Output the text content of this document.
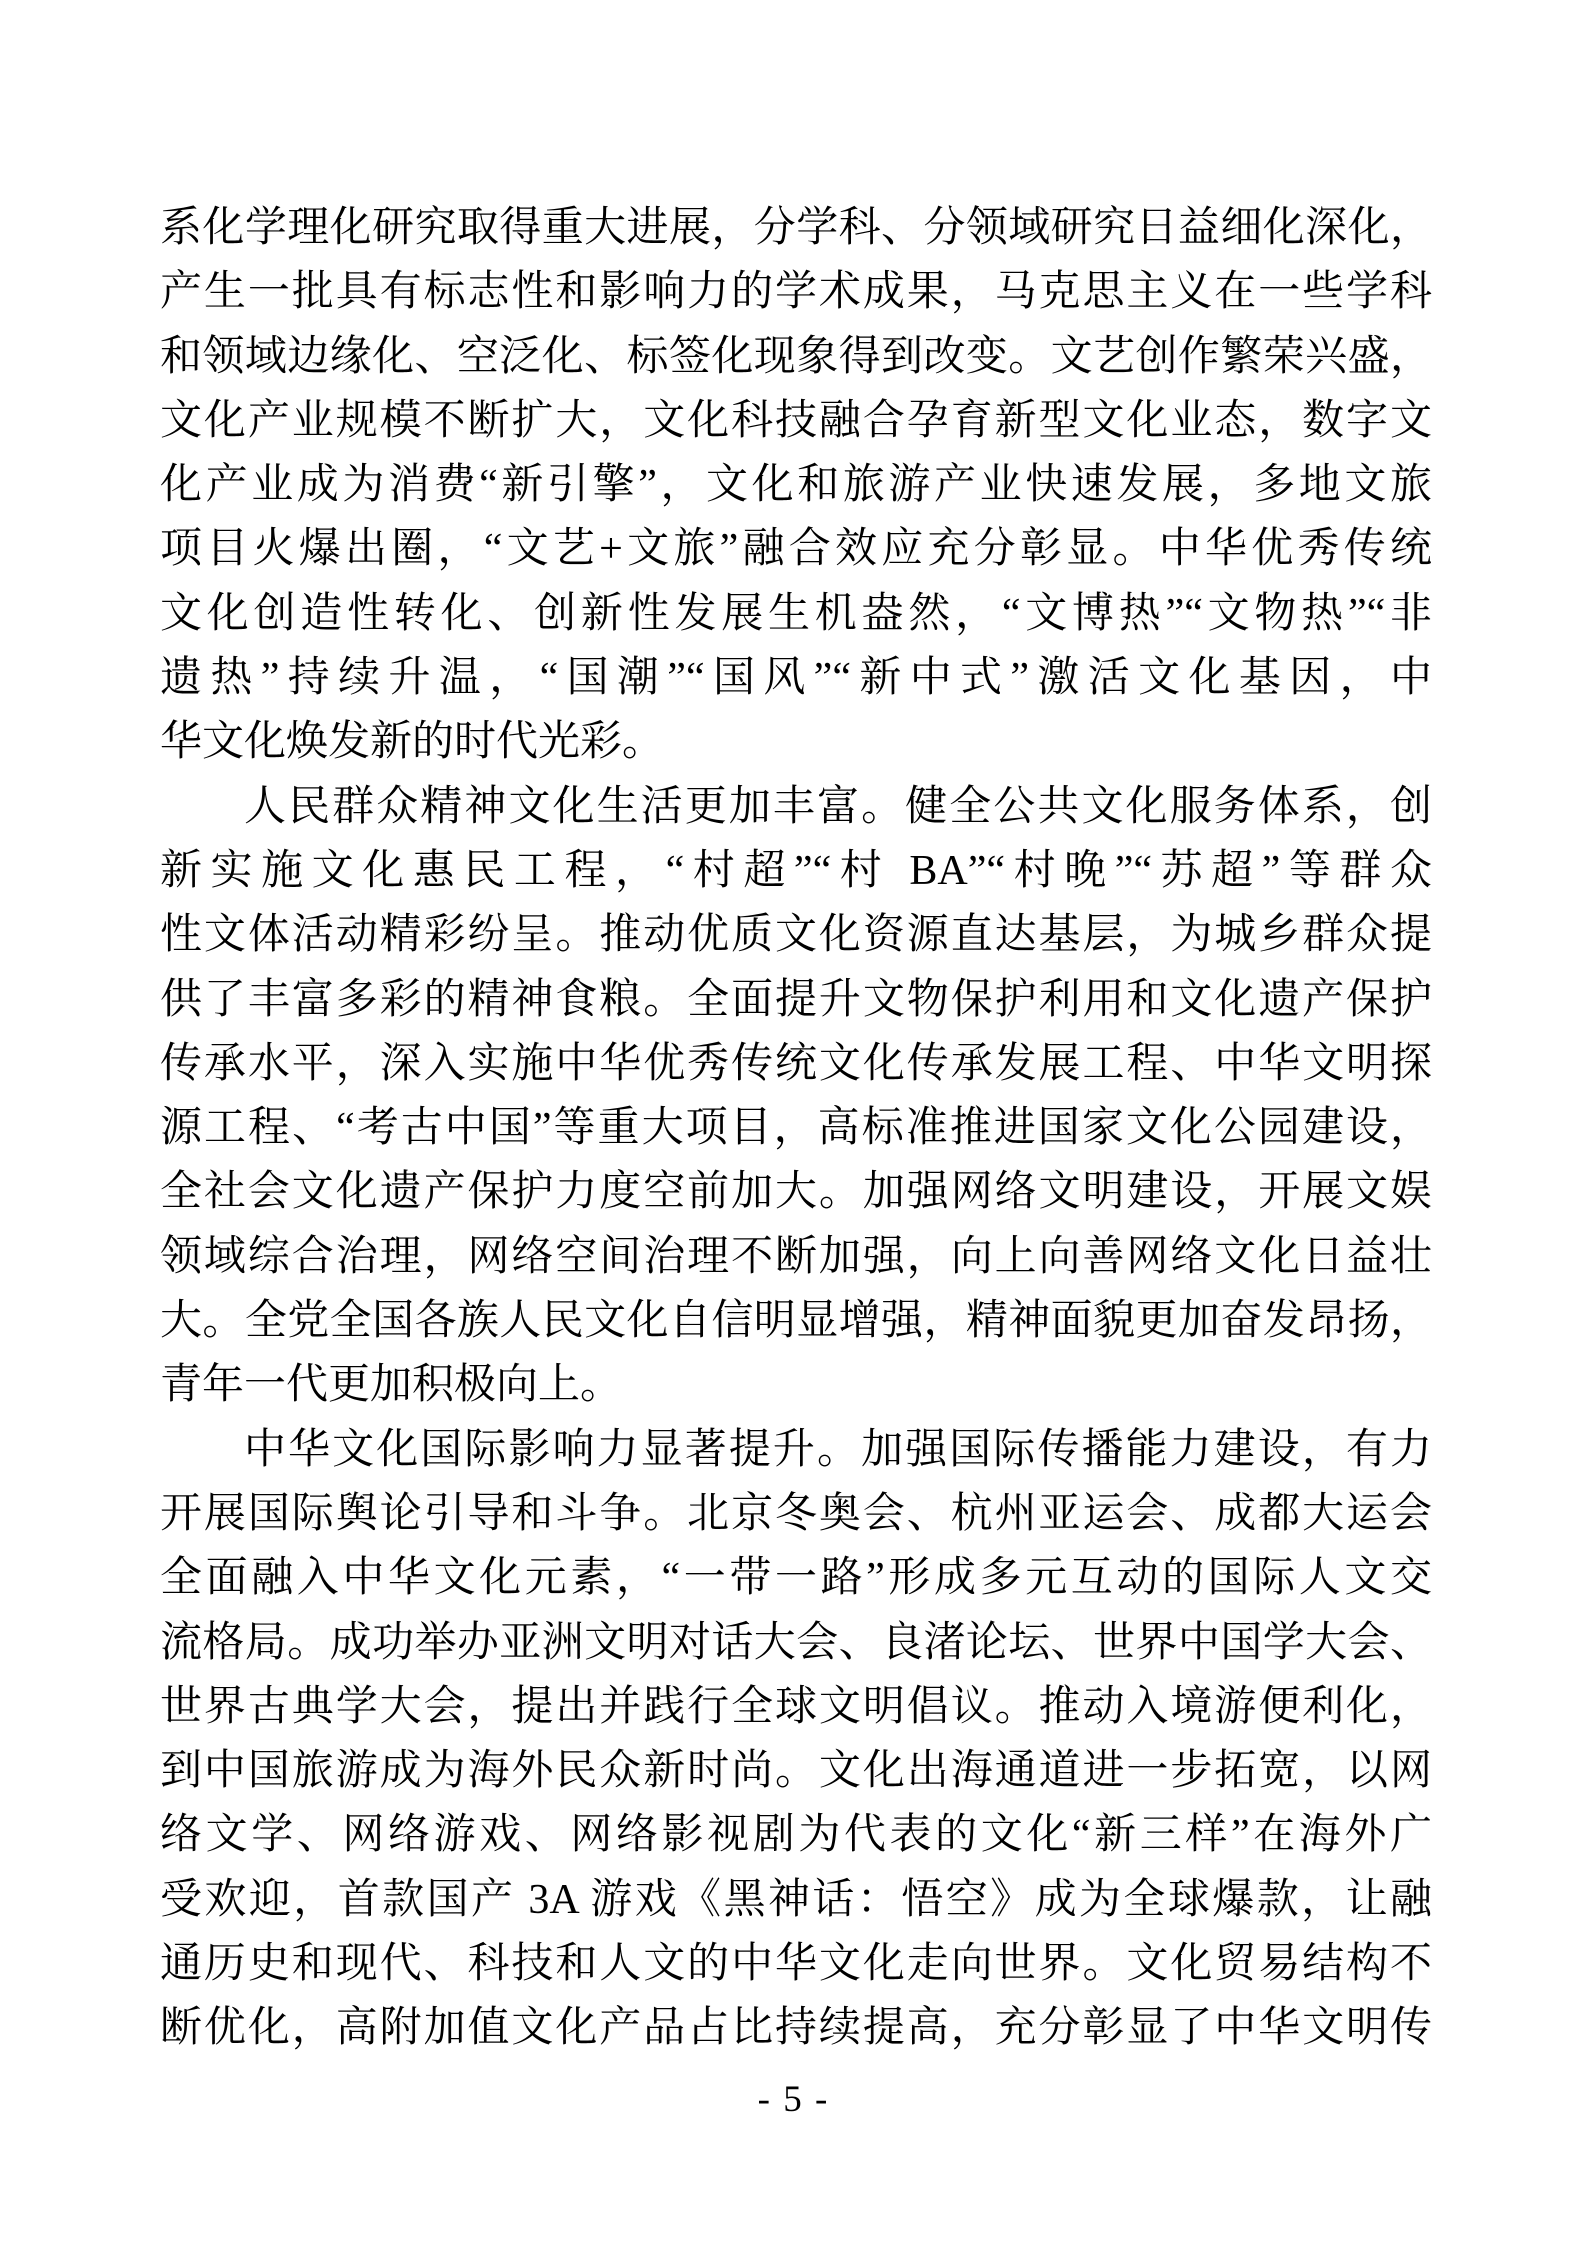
系化学理化研究取得重大进展，分学科、分领域研究日益细化深化，
产生一批具有标志性和影响力的学术成果，马克思主义在一些学科
和领域边缘化、空泛化、标签化现象得到改变。文艺创作繁荣兴盛，
文化产业规模不断扩大，文化科技融合孕育新型文化业态，数字文
化产业成为消费“新引擎”，文化和旅游产业快速发展，多地文旅
项目火爆出圈，“文艺+文旅”融合效应充分彰显。中华优秀传统
文化创造性转化、创新性发展生机盎然，“文博热”“文物热”“非
遗热”持续升温，“国潮”“国风”“新中式”激活文化基因，中
华文化焕发新的时代光彩。
人民群众精神文化生活更加丰富。健全公共文化服务体系，创
新实施文化惠民工程，“村超”“村 BA”“村晚”“苏超”等群众
性文体活动精彩纷呈。推动优质文化资源直达基层，为城乡群众提
供了丰富多彩的精神食粮。全面提升文物保护利用和文化遗产保护
传承水平，深入实施中华优秀传统文化传承发展工程、中华文明探
源工程、“考古中国”等重大项目，高标准推进国家文化公园建设，
全社会文化遗产保护力度空前加大。加强网络文明建设，开展文娱
领域综合治理，网络空间治理不断加强，向上向善网络文化日益壮
大。全党全国各族人民文化自信明显增强，精神面貌更加奋发昂扬，
青年一代更加积极向上。
中华文化国际影响力显著提升。加强国际传播能力建设，有力
开展国际舆论引导和斗争。北京冬奥会、杭州亚运会、成都大运会
全面融入中华文化元素，“一带一路”形成多元互动的国际人文交
流格局。成功举办亚洲文明对话大会、良渚论坛、世界中国学大会、
世界古典学大会，提出并践行全球文明倡议。推动入境游便利化，
到中国旅游成为海外民众新时尚。文化出海通道进一步拓宽，以网
络文学、网络游戏、网络影视剧为代表的文化“新三样”在海外广
受欢迎，首款国产 3A 游戏《黑神话：悟空》成为全球爆款，让融
通历史和现代、科技和人文的中华文化走向世界。文化贸易结构不
断优化，高附加值文化产品占比持续提高，充分彰显了中华文明传
- 5 -
